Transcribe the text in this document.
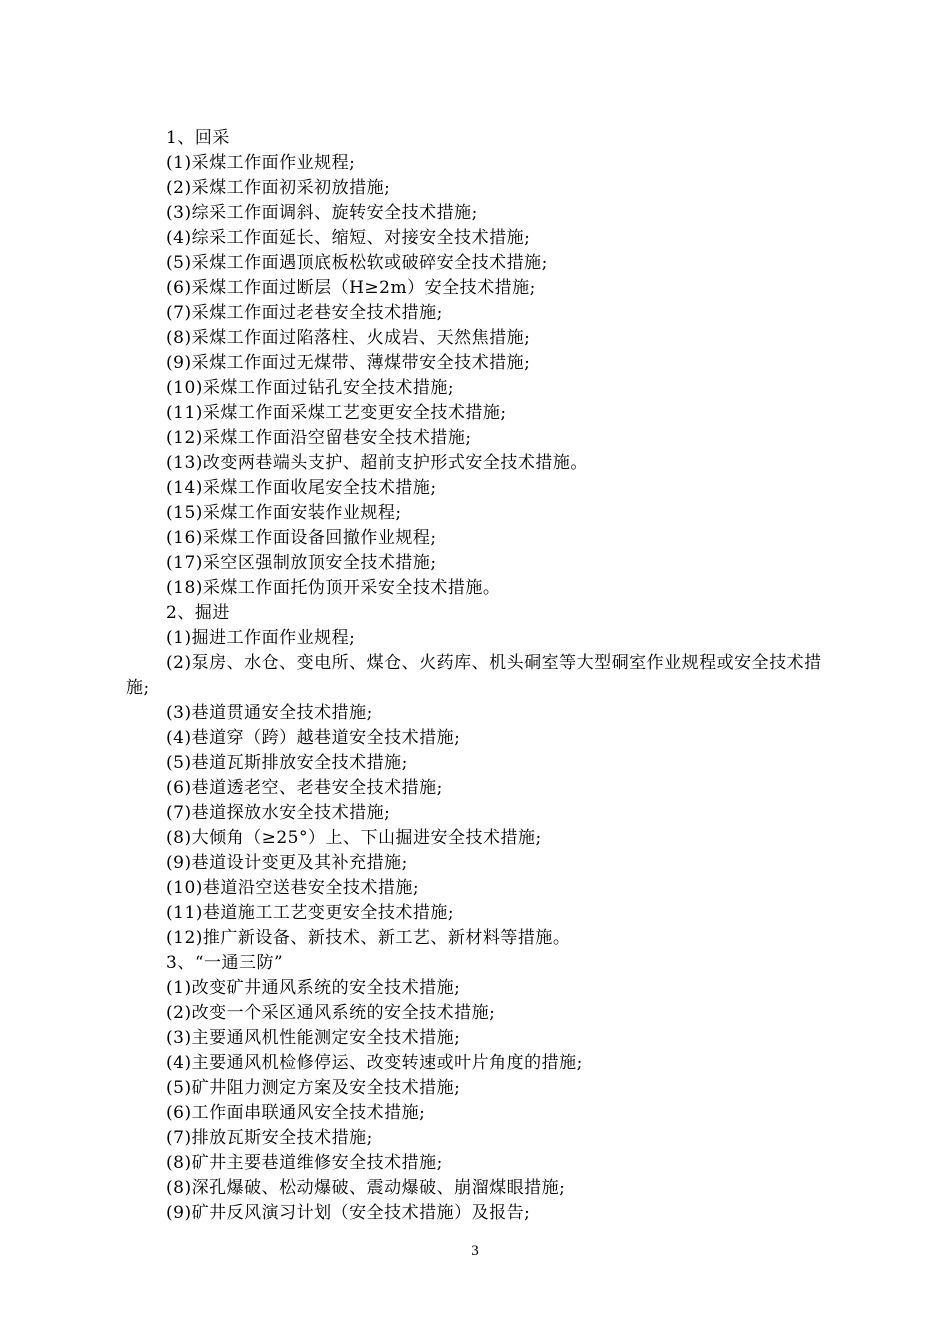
1、回采
(1)采煤工作面作业规程;
(2)采煤工作面初采初放措施;
(3)综采工作面调斜、旋转安全技术措施;
(4)综采工作面延长、缩短、对接安全技术措施;
(5)采煤工作面遇顶底板松软或破碎安全技术措施;
(6)采煤工作面过断层（H≥2m）安全技术措施;
(7)采煤工作面过老巷安全技术措施;
(8)采煤工作面过陷落柱、火成岩、天然焦措施;
(9)采煤工作面过无煤带、薄煤带安全技术措施;
(10)采煤工作面过钻孔安全技术措施;
(11)采煤工作面采煤工艺变更安全技术措施;
(12)采煤工作面沿空留巷安全技术措施;
(13)改变两巷端头支护、超前支护形式安全技术措施。
(14)采煤工作面收尾安全技术措施;
(15)采煤工作面安装作业规程;
(16)采煤工作面设备回撤作业规程;
(17)采空区强制放顶安全技术措施;
(18)采煤工作面托伪顶开采安全技术措施。
2、掘进
(1)掘进工作面作业规程;
(2)泵房、水仓、变电所、煤仓、火药库、机头硐室等大型硐室作业规程或安全技术措施;
(3)巷道贯通安全技术措施;
(4)巷道穿（跨）越巷道安全技术措施;
(5)巷道瓦斯排放安全技术措施;
(6)巷道透老空、老巷安全技术措施;
(7)巷道探放水安全技术措施;
(8)大倾角（≥25°）上、下山掘进安全技术措施;
(9)巷道设计变更及其补充措施;
(10)巷道沿空送巷安全技术措施;
(11)巷道施工工艺变更安全技术措施;
(12)推广新设备、新技术、新工艺、新材料等措施。
3、“一通三防”
(1)改变矿井通风系统的安全技术措施;
(2)改变一个采区通风系统的安全技术措施;
(3)主要通风机性能测定安全技术措施;
(4)主要通风机检修停运、改变转速或叶片角度的措施;
(5)矿井阻力测定方案及安全技术措施;
(6)工作面串联通风安全技术措施;
(7)排放瓦斯安全技术措施;
(8)矿井主要巷道维修安全技术措施;
(8)深孔爆破、松动爆破、震动爆破、崩溜煤眼措施;
(9)矿井反风演习计划（安全技术措施）及报告;
3
